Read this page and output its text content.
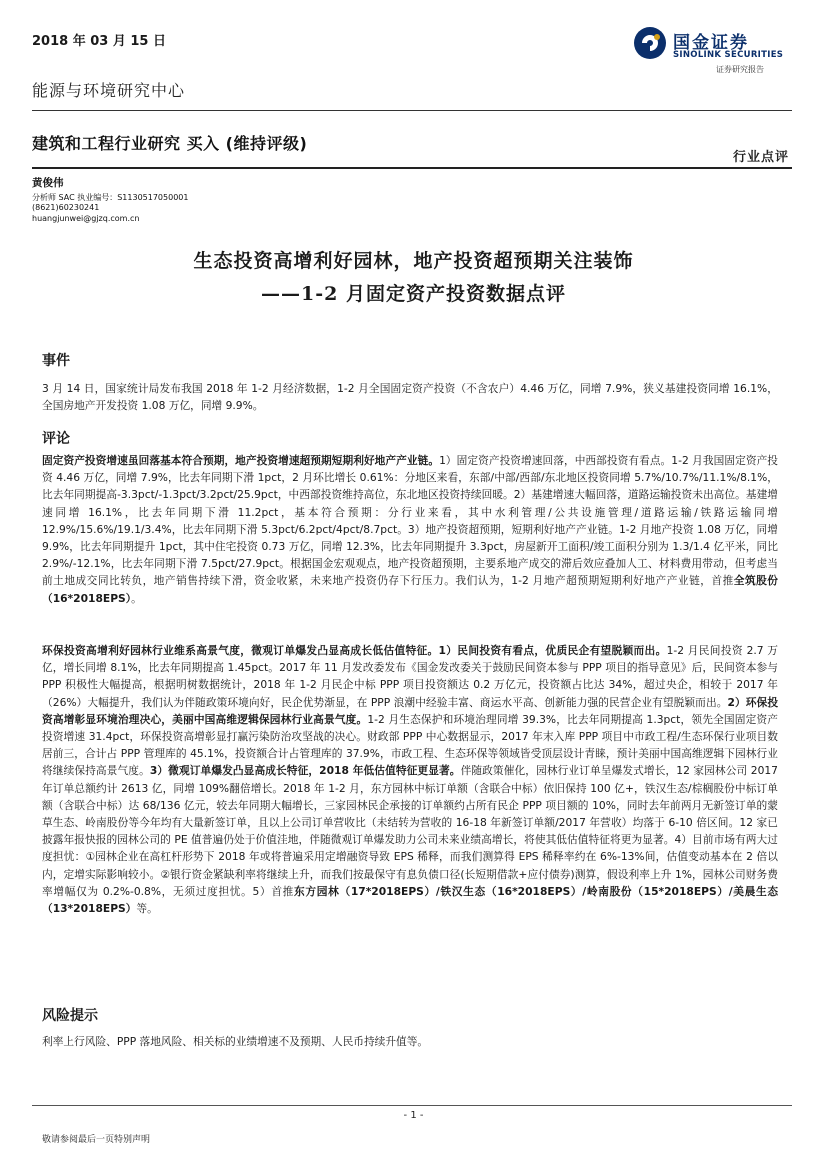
2018 年 03 月 15 日	国金证券
SINOLINK SECURITIES
证券研究报告
能源与环境研究中心
建筑和工程行业研究 买入 (维持评级)
行业点评
黄俊伟
分析师 SAC 执业编号：S1130517050001
(8621)60230241
huangjunwei@gjzq.com.cn
生态投资高增利好园林，地产投资超预期关注装饰
——1-2 月固定资产投资数据点评
事件

3 月 14 日，国家统计局发布我国 2018 年 1-2 月经济数据，1-2 月全国固定资产投资（不含农户）4.46 万亿，同增 7.9%，狭义基建投资同增 16.1%，全国房地产开发投资 1.08 万亿，同增 9.9%。

评论

固定资产投资增速虽回落基本符合预期，地产投资增速超预期短期利好地产产业链。1）固定资产投资增速回落，中西部投资有看点。1-2 月我国固定资产投资 4.46 万亿，同增 7.9%，比去年同期下滑 1pct，2 月环比增长 0.61%：分地区来看，东部/中部/西部/东北地区投资同增 5.7%/10.7%/11.1%/8.1%，比去年同期提高-3.3pct/-1.3pct/3.2pct/25.9pct，中西部投资维持高位，东北地区投资持续回暖。2）基建增速大幅回落，道路运输投资未出高位。基建增速同增 16.1%，比去年同期下滑 11.2pct，基本符合预期：分行业来看，其中水利管理/公共设施管理/道路运输/铁路运输同增 12.9%/15.6%/19.1/3.4%，比去年同期下滑 5.3pct/6.2pct/4pct/8.7pct。3）地产投资超预期，短期利好地产产业链。1-2 月地产投资 1.08 万亿，同增 9.9%，比去年同期提升 1pct，其中住宅投资 0.73 万亿，同增 12.3%，比去年同期提升 3.3pct，房屋新开工面积/竣工面积分别为 1.3/1.4 亿平米，同比 2.9%/-12.1%，比去年同期下滑 7.5pct/27.9pct。根据国金宏观观点，地产投资超预期，主要系地产成交的滞后效应叠加人工、材料费用带动，但考虑当前土地成交同比转负，地产销售持续下滑，资金收紧，未来地产投资仍存下行压力。我们认为，1-2 月地产超预期短期利好地产产业链，首推全筑股份（16*2018EPS）。

环保投资高增利好园林行业维系高景气度，微观订单爆发凸显高成长低估值特征。1）民间投资有看点，优质民企有望脱颖而出。1-2 月民间投资 2.7 万亿，增长同增 8.1%，比去年同期提高 1.45pct。2017 年 11 月发改委发布《国金发改委关于鼓励民间资本参与 PPP 项目的指导意见》后，民间资本参与 PPP 积极性大幅提高，根据明树数据统计，2018 年 1-2 月民企中标 PPP 项目投资额达 0.2 万亿元，投资额占比达 34%，超过央企，相较于 2017 年（26%）大幅提升，我们认为伴随政策环境向好，民企优势渐显，在 PPP 浪潮中经验丰富、商运水平高、创新能力强的民营企业有望脱颖而出。2）环保投资高增彰显环境治理决心，美丽中国高维逻辑保园林行业高景气度。1-2 月生态保护和环境治理同增 39.3%，比去年同期提高 1.3pct，领先全国固定资产投资增速 31.4pct，环保投资高增彰显打赢污染防治攻坚战的决心。财政部 PPP 中心数据显示，2017 年末入库 PPP 项目中市政工程/生态环保行业项目数居前三，合计占 PPP 管理库的 45.1%，投资额合计占管理库的 37.9%，市政工程、生态环保等领域皆受顶层设计青睐，预计美丽中国高维逻辑下园林行业将继续保持高景气度。3）微观订单爆发凸显高成长特征，2018 年低估值特征更显著。伴随政策催化，园林行业订单呈爆发式增长，12 家园林公司 2017 年订单总额约计 2613 亿，同增 109%翻倍增长。2018 年 1-2 月，东方园林中标订单额（含联合中标）依旧保持 100 亿+，铁汉生态/棕榈股份中标订单额（含联合中标）达 68/136 亿元，较去年同期大幅增长，三家园林民企承接的订单额约占所有民企 PPP 项目额的 10%，同时去年前两月无新签订单的蒙草生态、岭南股份等今年均有大量新签订单，且以上公司订单营收比（未结转为营收的 16-18 年新签订单额/2017 年营收）均落于 6-10 倍区间。12 家已披露年报快报的园林公司的 PE 值普遍仍处于价值洼地，伴随微观订单爆发助力公司未来业绩高增长，将使其低估值特征将更为显著。4）目前市场有两大过度担忧：①园林企业在高杠杆形势下 2018 年或将普遍采用定增融资导致 EPS 稀释，而我们测算得 EPS 稀释率约在 6%-13%间，估值变动基本在 2 倍以内，定增实际影响较小。②银行资金紧缺利率将继续上升，而我们按最保守有息负债口径(长短期借款+应付债券)测算，假设利率上升 1%，园林公司财务费率增幅仅为 0.2%-0.8%，无须过度担忧。5）首推东方园林（17*2018EPS）/铁汉生态（16*2018EPS）/岭南股份（15*2018EPS）/美晨生态（13*2018EPS）等。

风险提示

利率上行风险、PPP 落地风险、相关标的业绩增速不及预期、人民币持续升值等。

- 1 -
敬请参阅最后一页特别声明
